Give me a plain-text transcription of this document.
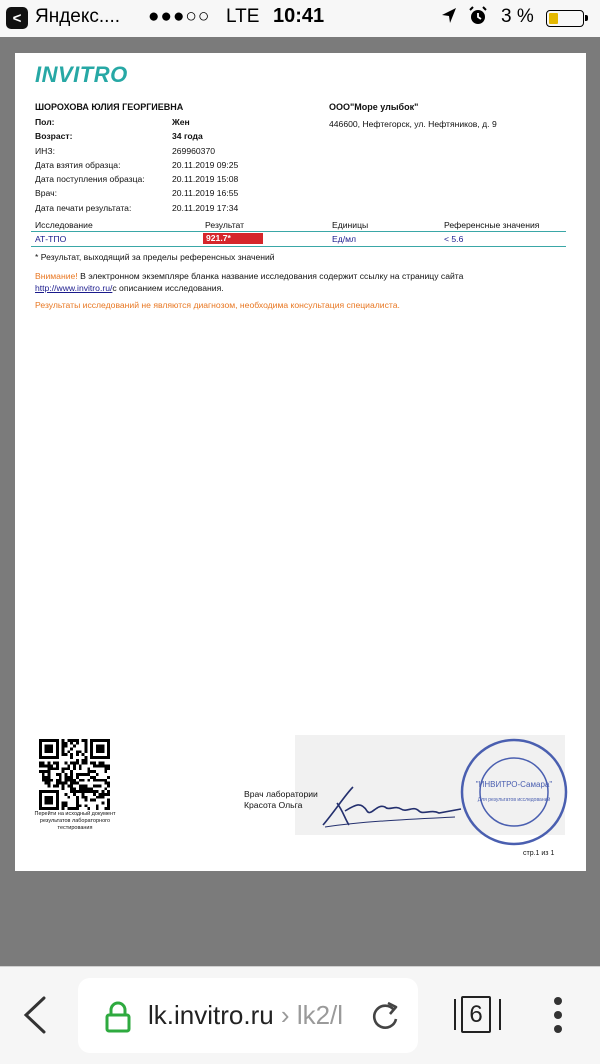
< Яндекс.... ●●●○○ LTE 10:41	3 %
INVITRO
ШОРОХОВА ЮЛИЯ ГЕОРГИЕВНА
Пол:	Жен
Возраст:	34 года
ИНЗ:	269960370
Дата взятия образца:	20.11.2019 09:25
Дата поступления образца:	20.11.2019 15:08
Врач:	20.11.2019 16:55
Дата печати результата:	20.11.2019 17:34
ООО"Море улыбок"
446600, Нефтегорск, ул. Нефтяников, д. 9
Исследование	Результат	Единицы	Референсные значения
АТ-ТПО	921.7*	Ед/мл	< 5.6
* Результат, выходящий за пределы референсных значений
Внимание! В электронном экземпляре бланка название исследования содержит ссылку на страницу сайта
http://www.invitro.ru/с описанием исследования.
Результаты исследований не являются диагнозом, необходима консультация специалиста.
Перейти на исходный документ результатов лабораторного тестирования
Врач лаборатории
Красота Ольга
"ИНВИТРО-Самара"
Для результатов исследований
стр.1 из 1
lk.invitro.ru › lk2/l	6
